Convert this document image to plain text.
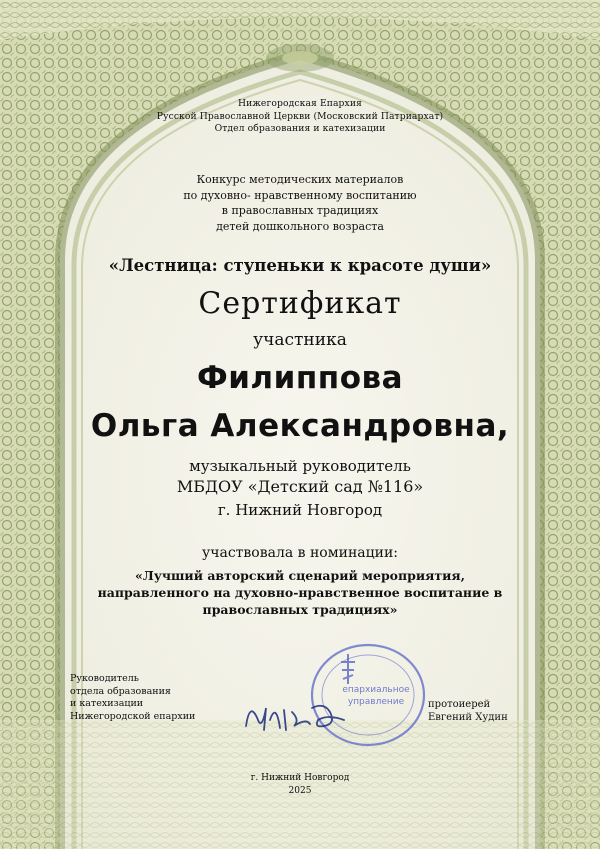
Нижегородская Епархия
Русской Православной Церкви (Московский Патриархат)
Отдел образования и катехизации
Конкурс методических материалов
по духовно- нравственному воспитанию
в православных традициях
детей дошкольного возраста
«Лестница: ступеньки к красоте души»
Сертификат
участника
Филиппова
Ольга Александровна,
музыкальный руководитель
МБДОУ «Детский сад №116»
г. Нижний Новгород
участвовала в номинации:
«Лучший авторский сценарий мероприятия,
направленного на духовно-нравственное воспитание в
православных традициях»
Руководитель
отдела образования
и катехизации
Нижегородской епархии
епархиальное
управление протоиерей
Евгений Худин
г. Нижний Новгород
2025
